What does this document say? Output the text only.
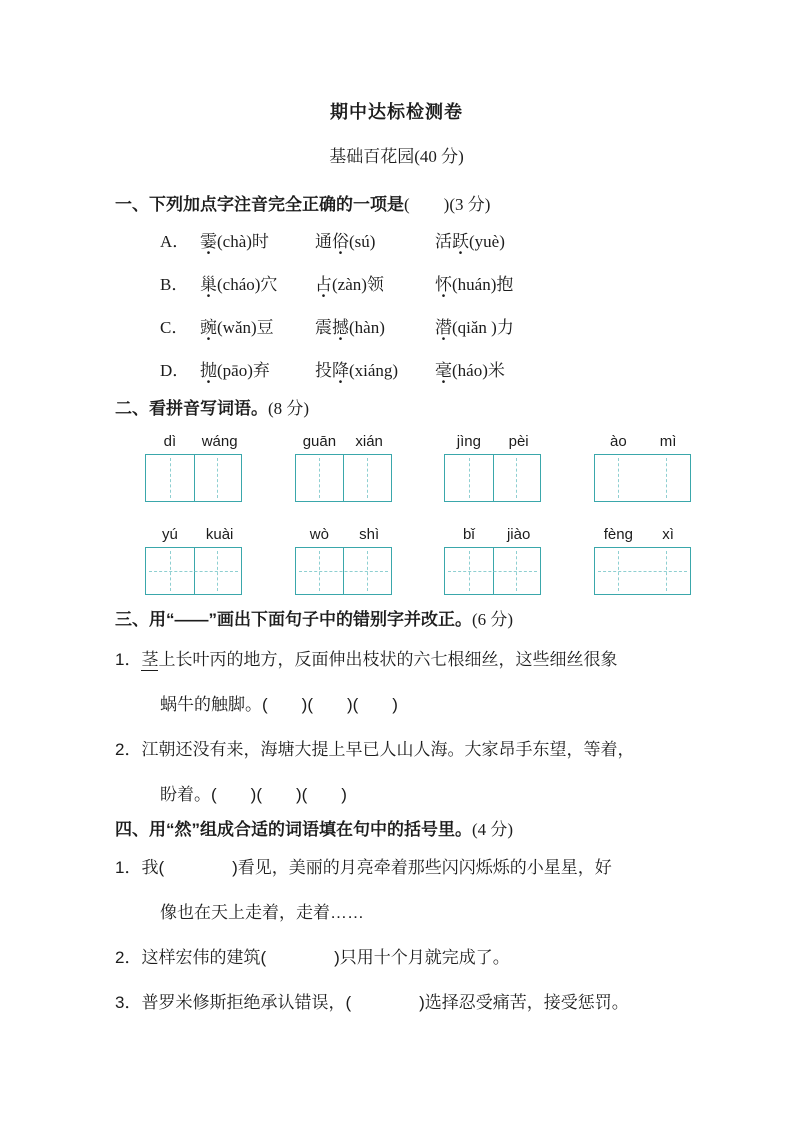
期中达标检测卷
基础百花园(40 分)
一、下列加点字注音完全正确的一项是(　　)(3 分)
A． 霎(chà)时	通俗(sú)	活跃(yuè)
B． 巢(cháo)穴	占(zàn)领	怀(huán)抱
C． 豌(wǎn)豆	震撼(hàn)	潜(qiǎn )力
D． 抛(pāo)弃	投降(xiáng)	毫(háo)米
二、看拼音写词语。(8 分)
dì	wáng	guān	xián	jìng	pèi	ào	mì
yú	kuài	wò	shì	bǐ	jiào	fèng	xì
三、用“——”画出下面句子中的错别字并改正。(6 分)
1．茎上长叶丙的地方，反面伸出枝状的六七根细丝，这些细丝很象
蜗牛的触脚。(　　)(　　)(　　)
2．江朝还没有来，海塘大提上早已人山人海。大家昂手东望，等着，
盼着。(　　)(　　)(　　)
四、用“然”组成合适的词语填在句中的括号里。(4 分)
1．我(　　　　)看见，美丽的月亮牵着那些闪闪烁烁的小星星，好
像也在天上走着，走着……
2．这样宏伟的建筑(　　　　)只用十个月就完成了。
3．普罗米修斯拒绝承认错误，(　　　　)选择忍受痛苦，接受惩罚。
